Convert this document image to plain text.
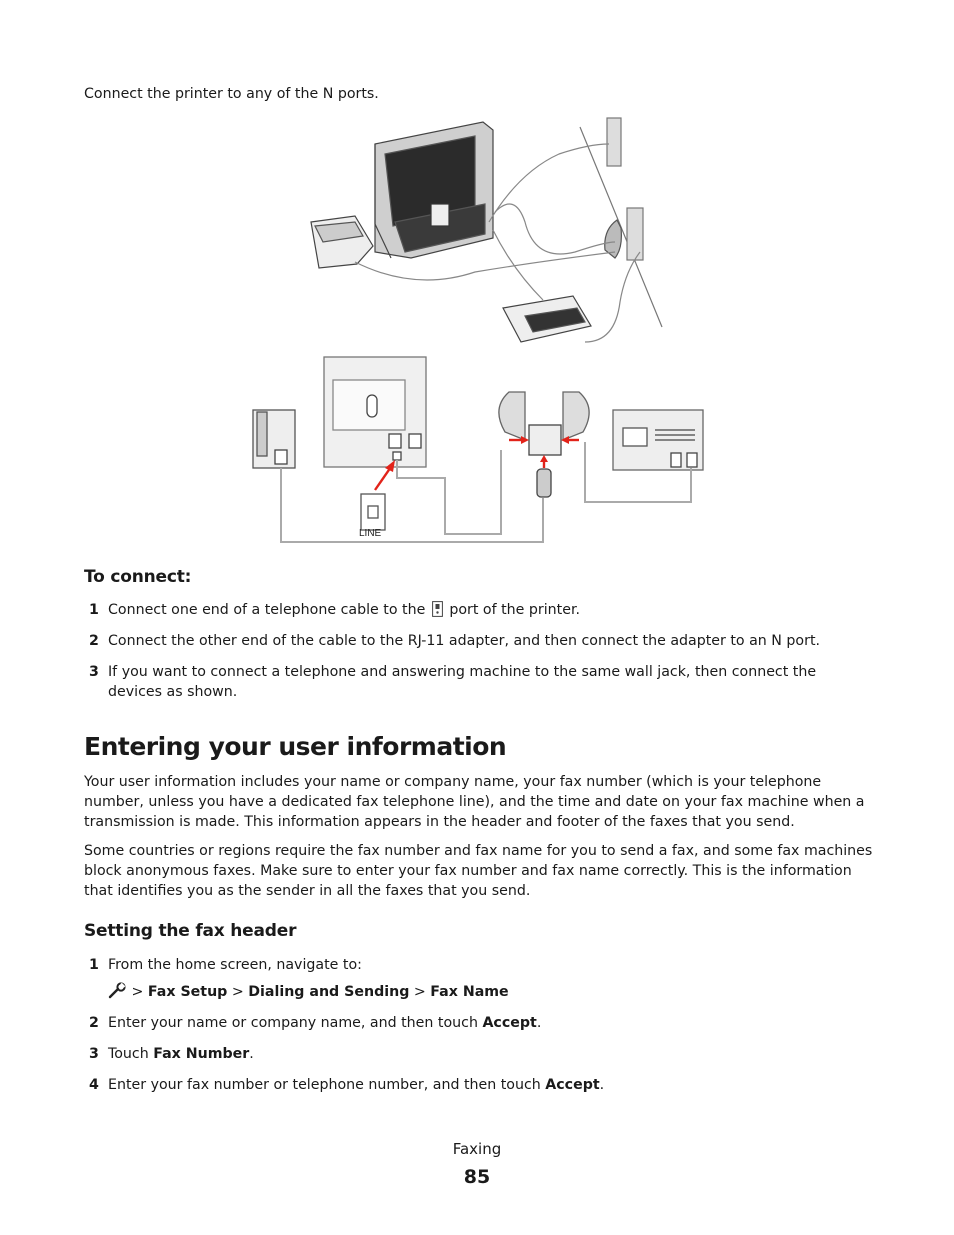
Connect the printer to any of the N ports.
LINE
To connect:
1 Connect one end of a telephone cable to the port of the printer.
2 Connect the other end of the cable to the RJ-11 adapter, and then connect the adapter to an N port.
3 If you want to connect a telephone and answering machine to the same wall jack, then connect the devices as shown.
Entering your user information

Your user information includes your name or company name, your fax number (which is your telephone number, unless you have a dedicated fax telephone line), and the time and date on your fax machine when a transmission is made. This information appears in the header and footer of the faxes that you send.

Some countries or regions require the fax number and fax name for you to send a fax, and some fax machines block anonymous faxes. Make sure to enter your fax number and fax name correctly. This is the information that identifies you as the sender in all the faxes that you send.

Setting the fax header
1 From the home screen, navigate to:
> Fax Setup > Dialing and Sending > Fax Name
2 Enter your name or company name, and then touch Accept.
3 Touch Fax Number.
4 Enter your fax number or telephone number, and then touch Accept.
Faxing
85
